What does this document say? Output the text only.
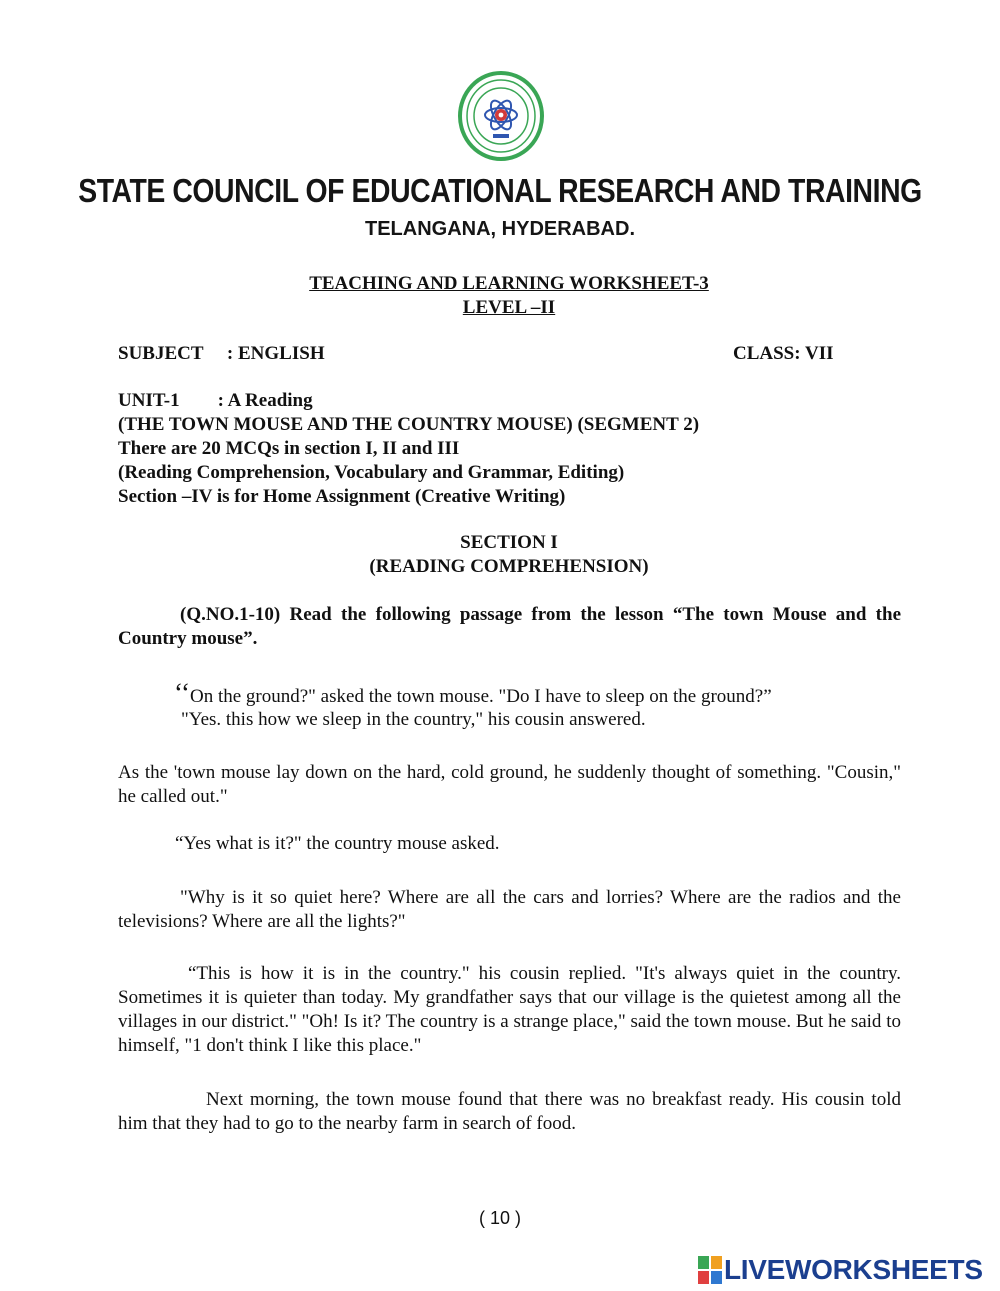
STATE COUNCIL OF EDUCATIONAL RESEARCH AND TRAINING
TELANGANA, HYDERABAD.
TEACHING AND LEARNING WORKSHEET-3
LEVEL –II
SUBJECT     : ENGLISH	CLASS: VII
UNIT-1        : A Reading
(THE TOWN MOUSE AND THE COUNTRY MOUSE) (SEGMENT 2)
There are 20 MCQs in section I, II and III
(Reading Comprehension, Vocabulary and Grammar, Editing)
Section –IV is for Home Assignment (Creative Writing)
SECTION I
(READING COMPREHENSION)
(Q.NO.1-10) Read the following passage from the lesson “The town Mouse and the Country mouse”.
‘‘On the ground?" asked the town mouse. "Do I have to sleep on the ground?”
"Yes. this how we sleep in the country," his cousin answered.
As the 'town mouse lay down on the hard, cold ground, he suddenly thought of something. "Cousin," he called out."
“Yes what is it?" the country mouse asked.
"Why is it so quiet here? Where are all the cars and lorries? Where are the radios and the televisions? Where are all the lights?"
“This is how it is in the country." his cousin replied. "It's always quiet in the country. Sometimes it is quieter than today. My grandfather says that our village is the quietest among all the villages in our district." "Oh! Is it? The country is a strange place," said the town mouse. But he said to himself, "1 don't think I like this place."
Next morning, the town mouse found that there was no breakfast ready. His cousin told him that they had to go to the nearby farm in search of food.
( 10 )
LIVEWORKSHEETS
